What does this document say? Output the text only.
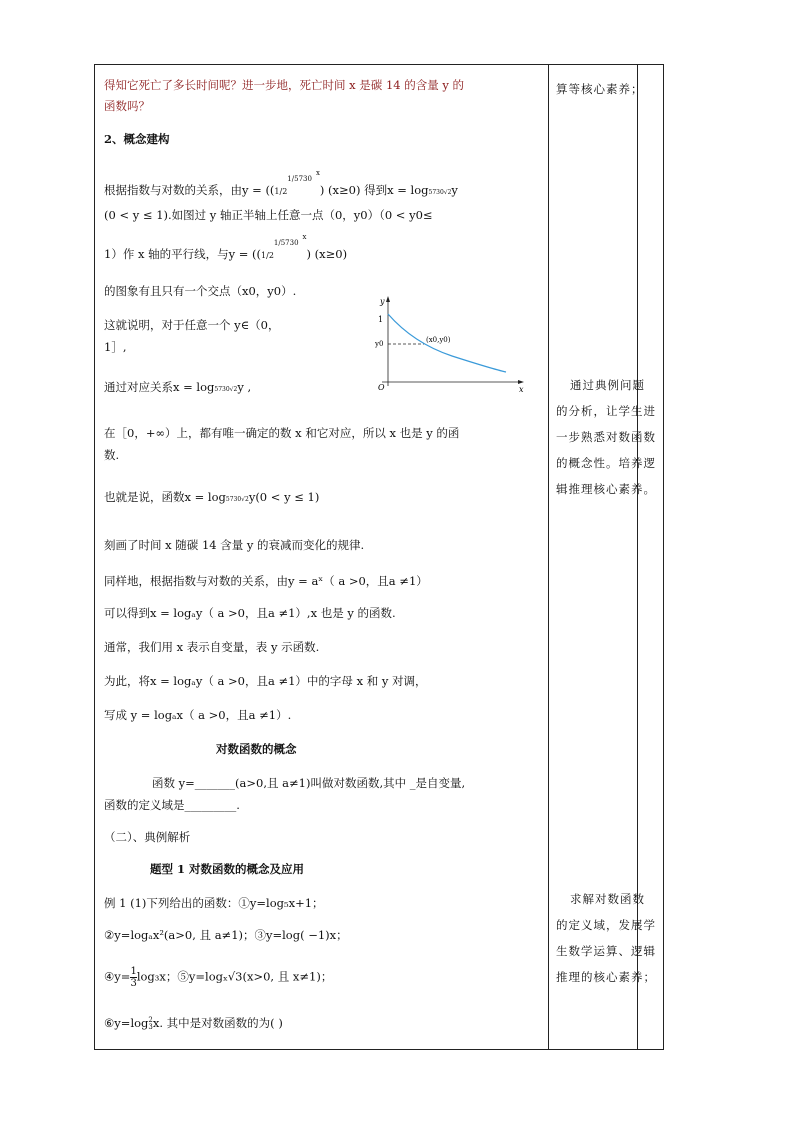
得知它死亡了多长时间呢？进一步地，死亡时间 x 是碳 14 的含量 y 的
函数吗？
2、概念建构
根据指数与对数的关系，由$y = ((1/2^{1/5730x})$ (x≥0) 得到x = log5730√2y
(0 < y ≤ 1).如图过 y 轴正半轴上任意一点（0，y0）（0 < y0≤
1）作 x 轴的平行线，与$y = ((1/2^{1/5730x})$ (x≥0)
的图象有且只有一个交点（x0，y0）.
这就说明，对于任意一个 y∈（0，
1］,
通过对应关系x = log5730√2y ,
y
x
O
1
y0	(x0,y0)
在［0，+∞）上，都有唯一确定的数 x 和它对应，所以 x 也是 y 的函
数.
也就是说，函数x = log5730√2y(0 < y ≤ 1)
刻画了时间 x 随碳 14 含量 y 的衰减而变化的规律.
同样地，根据指数与对数的关系，由y = aˣ（ a >0，且a ≠1）
可以得到x = logₐy（ a >0，且a ≠1）,x 也是 y 的函数.
通常，我们用 x 表示自变量，表 y 示函数.
为此，将x = logₐy（ a >0，且a ≠1）中的字母 x 和 y 对调，
写成 y = logₐx（ a >0，且a ≠1）.
对数函数的概念
函数 y=_______(a>0,且 a≠1)叫做对数函数,其中 _是自变量,
函数的定义域是_________.
（二）、典例解析
题型 1 对数函数的概念及应用
例 1 (1)下列给出的函数：①y=log₅x+1；
②y=logₐx²(a>0, 且 a≠1)；③y=log( −1)x；
④y= $\frac{1}{3} \log_3x$；⑤y=logₓ√3(x>0, 且 x≠1)；
⑥y=log 2
3 x. 其中是对数函数的为( )
算等核心素养；
通过典例问题的分析，让学生进一步熟悉对数函数的概念性。培养逻辑推理核心素养。
求解对数函数的定义域，发展学生数学运算、逻辑推理的核心素养；
